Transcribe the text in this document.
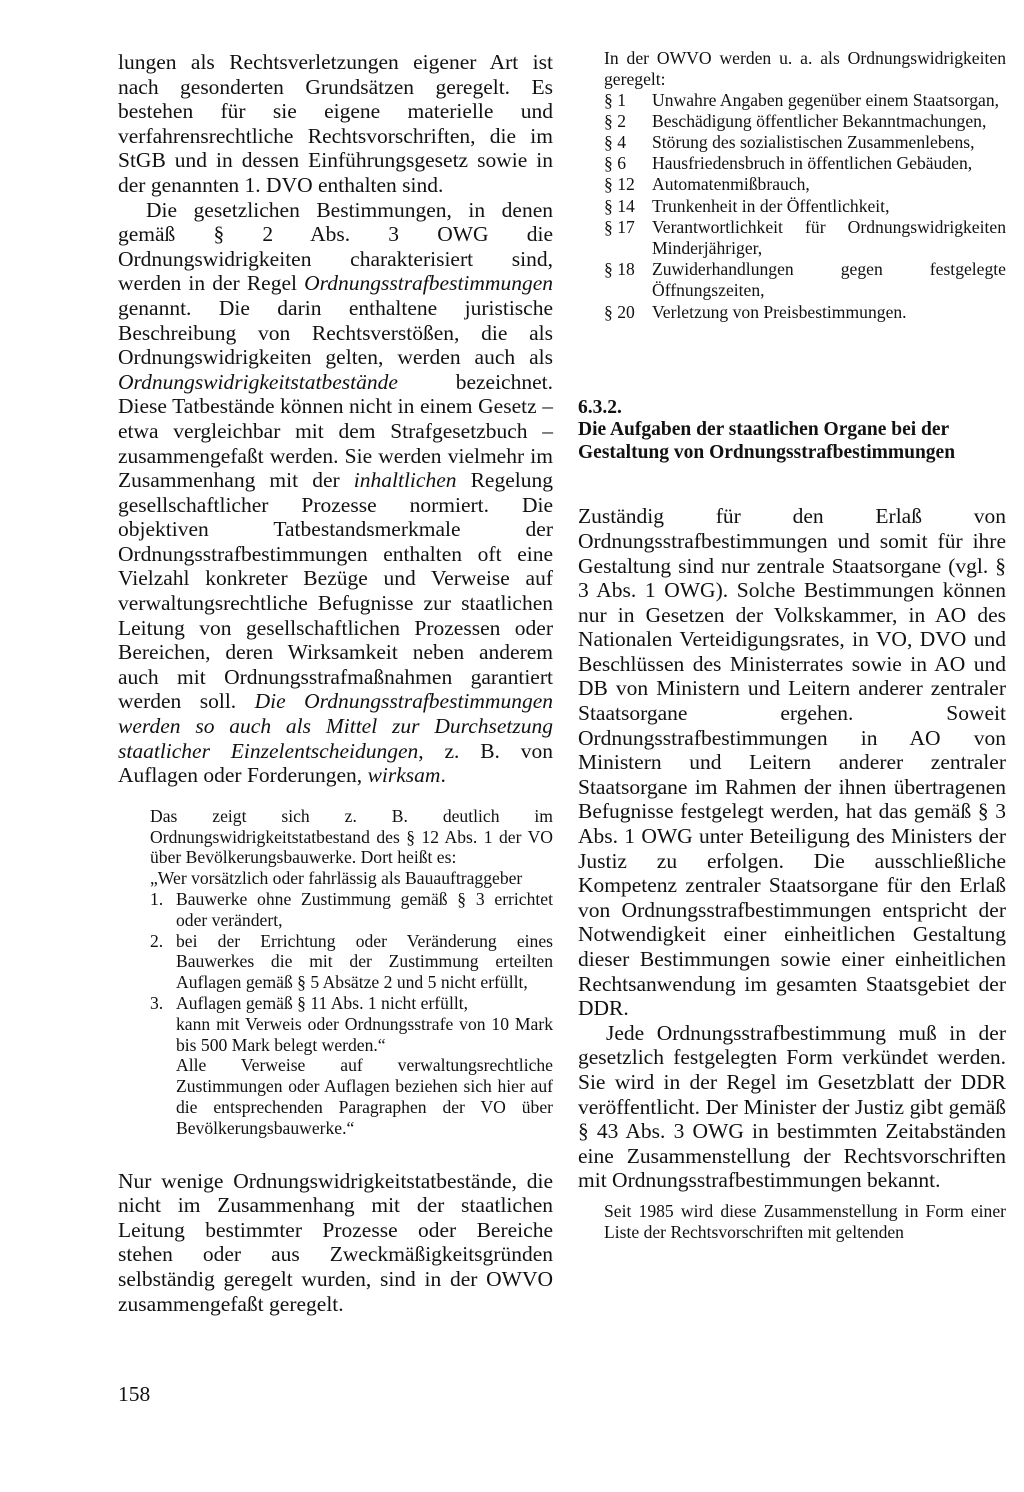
lungen als Rechtsverletzungen eigener Art ist nach gesonderten Grundsätzen geregelt. Es bestehen für sie eigene materielle und verfahrensrechtliche Rechtsvorschriften, die im StGB und in dessen Einführungsgesetz sowie in der genannten 1. DVO enthalten sind.

Die gesetzlichen Bestimmungen, in denen gemäß § 2 Abs. 3 OWG die Ordnungswidrigkeiten charakterisiert sind, werden in der Regel Ordnungsstrafbestimmungen genannt. Die darin enthaltene juristische Beschreibung von Rechtsverstößen, die als Ordnungswidrigkeiten gelten, werden auch als Ordnungswidrigkeitstatbestände bezeichnet. Diese Tatbestände können nicht in einem Gesetz – etwa vergleichbar mit dem Strafgesetzbuch – zusammengefaßt werden. Sie werden vielmehr im Zusammenhang mit der inhaltlichen Regelung gesellschaftlicher Prozesse normiert. Die objektiven Tatbestandsmerkmale der Ordnungsstrafbestimmungen enthalten oft eine Vielzahl konkreter Bezüge und Verweise auf verwaltungsrechtliche Befugnisse zur staatlichen Leitung von gesellschaftlichen Prozessen oder Bereichen, deren Wirksamkeit neben anderem auch mit Ordnungsstrafmaßnahmen garantiert werden soll. Die Ordnungsstrafbestimmungen werden so auch als Mittel zur Durchsetzung staatlicher Einzelentscheidungen, z. B. von Auflagen oder Forderungen, wirksam.

Das zeigt sich z. B. deutlich im Ordnungswidrigkeitstatbestand des § 12 Abs. 1 der VO über Bevölkerungsbauwerke. Dort heißt es:

„Wer vorsätzlich oder fahrlässig als Bauauftraggeber

1. Bauwerke ohne Zustimmung gemäß § 3 errichtet oder verändert,
2. bei der Errichtung oder Veränderung eines Bauwerkes die mit der Zustimmung erteilten Auflagen gemäß § 5 Absätze 2 und 5 nicht erfüllt,
3. Auflagen gemäß § 11 Abs. 1 nicht erfüllt,

kann mit Verweis oder Ordnungsstrafe von 10 Mark bis 500 Mark belegt werden.“

Alle Verweise auf verwaltungsrechtliche Zustimmungen oder Auflagen beziehen sich hier auf die entsprechenden Paragraphen der VO über Bevölkerungsbauwerke.“

Nur wenige Ordnungswidrigkeitstatbestände, die nicht im Zusammenhang mit der staatlichen Leitung bestimmter Prozesse oder Bereiche stehen oder aus Zweckmäßigkeitsgründen selbständig geregelt wurden, sind in der OWVO zusammengefaßt geregelt.

In der OWVO werden u. a. als Ordnungswidrigkeiten geregelt:

§ 1	Unwahre Angaben gegenüber einem Staatsorgan,
§ 2	Beschädigung öffentlicher Bekanntmachungen,
§ 4	Störung des sozialistischen Zusammenlebens,
§ 6	Hausfriedensbruch in öffentlichen Gebäuden,
§ 12 Automatenmißbrauch,
§ 14 Trunkenheit in der Öffentlichkeit,
§ 17 Verantwortlichkeit für Ordnungswidrigkeiten Minderjähriger,
§ 18 Zuwiderhandlungen gegen festgelegte Öffnungszeiten,
§ 20 Verletzung von Preisbestimmungen.
6.3.2.
Die Aufgaben der staatlichen Organe bei der Gestaltung von Ordnungsstrafbestimmungen

Zuständig für den Erlaß von Ordnungsstrafbestimmungen und somit für ihre Gestaltung sind nur zentrale Staatsorgane (vgl. § 3 Abs. 1 OWG). Solche Bestimmungen können nur in Gesetzen der Volkskammer, in AO des Nationalen Verteidigungsrates, in VO, DVO und Beschlüssen des Ministerrates sowie in AO und DB von Ministern und Leitern anderer zentraler Staatsorgane ergehen. Soweit Ordnungsstrafbestimmungen in AO von Ministern und Leitern anderer zentraler Staatsorgane im Rahmen der ihnen übertragenen Befugnisse festgelegt werden, hat das gemäß § 3 Abs. 1 OWG unter Beteiligung des Ministers der Justiz zu erfolgen. Die ausschließliche Kompetenz zentraler Staatsorgane für den Erlaß von Ordnungsstrafbestimmungen entspricht der Notwendigkeit einer einheitlichen Gestaltung dieser Bestimmungen sowie einer einheitlichen Rechtsanwendung im gesamten Staatsgebiet der DDR.

Jede Ordnungsstrafbestimmung muß in der gesetzlich festgelegten Form verkündet werden. Sie wird in der Regel im Gesetzblatt der DDR veröffentlicht. Der Minister der Justiz gibt gemäß § 43 Abs. 3 OWG in bestimmten Zeitabständen eine Zusammenstellung der Rechtsvorschriften mit Ordnungsstrafbestimmungen bekannt.

Seit 1985 wird diese Zusammenstellung in Form einer Liste der Rechtsvorschriften mit geltenden

158
